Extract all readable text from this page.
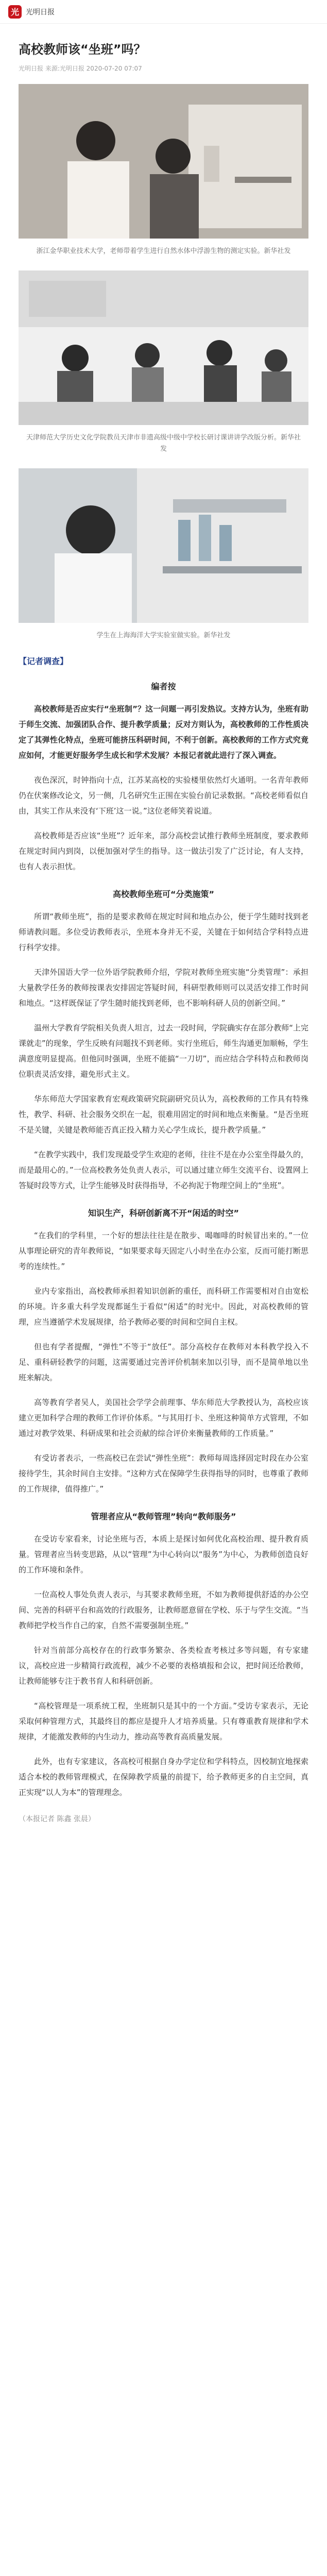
光 光明日报
高校教师该“坐班”吗？
光明日报 来源:光明日报 2020-07-20 07:07
浙江金华职业技术大学，老师带着学生进行自然水体中浮游生物的测定实验。新华社发
天津师范大学历史文化学院教员天津市非遗高级中级中学校长研讨课讲讲学改版分析。新华社发
学生在上海海洋大学实验室做实验。新华社发
【记者调查】
编者按

高校教师是否应实行“坐班制”？这一问题一再引发热议。支持方认为，坐班有助于师生交流、加强团队合作、提升教学质量；反对方则认为，高校教师的工作性质决定了其弹性化特点，坐班可能挤压科研时间，不利于创新。高校教师的工作方式究竟应如何，才能更好服务学生成长和学术发展？本报记者就此进行了深入调查。

夜色深沉，时钟指向十点，江苏某高校的实验楼里依然灯火通明。一名青年教师仍在伏案修改论文，另一侧，几名研究生正围在实验台前记录数据。“高校老师看似自由，其实工作从来没有‘下班’这一说。”这位老师笑着说道。

高校教师是否应该“坐班”？近年来，部分高校尝试推行教师坐班制度，要求教师在规定时间内到岗，以便加强对学生的指导。这一做法引发了广泛讨论，有人支持，也有人表示担忧。

高校教师坐班可“分类施策”

所谓“教师坐班”，指的是要求教师在规定时间和地点办公，便于学生随时找到老师请教问题。多位受访教师表示，坐班本身并无不妥，关键在于如何结合学科特点进行科学安排。

天津外国语大学一位外语学院教师介绍，学院对教师坐班实施“分类管理”：承担大量教学任务的教师按课表安排固定答疑时间，科研型教师则可以灵活安排工作时间和地点。“这样既保证了学生随时能找到老师，也不影响科研人员的创新空间。”

温州大学教育学院相关负责人坦言，过去一段时间，学院确实存在部分教师“上完课就走”的现象，学生反映有问题找不到老师。实行坐班后，师生沟通更加顺畅，学生满意度明显提高。但他同时强调，坐班不能搞“一刀切”，而应结合学科特点和教师岗位职责灵活安排，避免形式主义。

华东师范大学国家教育宏观政策研究院副研究员认为，高校教师的工作具有特殊性，教学、科研、社会服务交织在一起，很难用固定的时间和地点来衡量。“是否坐班不是关键，关键是教师能否真正投入精力关心学生成长，提升教学质量。”

“在教学实践中，我们发现最受学生欢迎的老师，往往不是在办公室坐得最久的，而是最用心的。”一位高校教务处负责人表示，可以通过建立师生交流平台、设置网上答疑时段等方式，让学生能够及时获得指导，不必拘泥于物理空间上的“坐班”。

知识生产，科研创新离不开“闲适的时空”

“在我们的学科里，一个好的想法往往是在散步、喝咖啡的时候冒出来的。”一位从事理论研究的青年教师说，“如果要求每天固定八小时坐在办公室，反而可能打断思考的连续性。”

业内专家指出，高校教师承担着知识创新的重任，而科研工作需要相对自由宽松的环境。许多重大科学发现都诞生于看似“闲适”的时光中。因此，对高校教师的管理，应当遵循学术发展规律，给予教师必要的时间和空间自主权。

但也有学者提醒，“弹性”不等于“放任”。部分高校存在教师对本科教学投入不足、重科研轻教学的问题，这需要通过完善评价机制来加以引导，而不是简单地以坐班来解决。

高等教育学者吴人，美国社会学学会前理事、华东师范大学教授认为，高校应该建立更加科学合理的教师工作评价体系。“与其用打卡、坐班这种简单方式管理，不如通过对教学效果、科研成果和社会贡献的综合评价来衡量教师的工作质量。”

有受访者表示，一些高校已在尝试“弹性坐班”：教师每周选择固定时段在办公室接待学生，其余时间自主安排。“这种方式在保障学生获得指导的同时，也尊重了教师的工作规律，值得推广。”

管理者应从“教师管理”转向“教师服务”

在受访专家看来，讨论坐班与否，本质上是探讨如何优化高校治理、提升教育质量。管理者应当转变思路，从以“管理”为中心转向以“服务”为中心，为教师创造良好的工作环境和条件。

一位高校人事处负责人表示，与其要求教师坐班，不如为教师提供舒适的办公空间、完善的科研平台和高效的行政服务，让教师愿意留在学校、乐于与学生交流。“当教师把学校当作自己的家，自然不需要强制坐班。”

针对当前部分高校存在的行政事务繁杂、各类检查考核过多等问题，有专家建议，高校应进一步精简行政流程，减少不必要的表格填报和会议，把时间还给教师，让教师能够专注于教书育人和科研创新。

“高校管理是一项系统工程，坐班制只是其中的一个方面。”受访专家表示，无论采取何种管理方式，其最终目的都应是提升人才培养质量。只有尊重教育规律和学术规律，才能激发教师的内生动力，推动高等教育高质量发展。

此外，也有专家建议，各高校可根据自身办学定位和学科特点，因校制宜地探索适合本校的教师管理模式，在保障教学质量的前提下，给予教师更多的自主空间，真正实现“以人为本”的管理理念。

（本报记者 陈鑫 张晨）
